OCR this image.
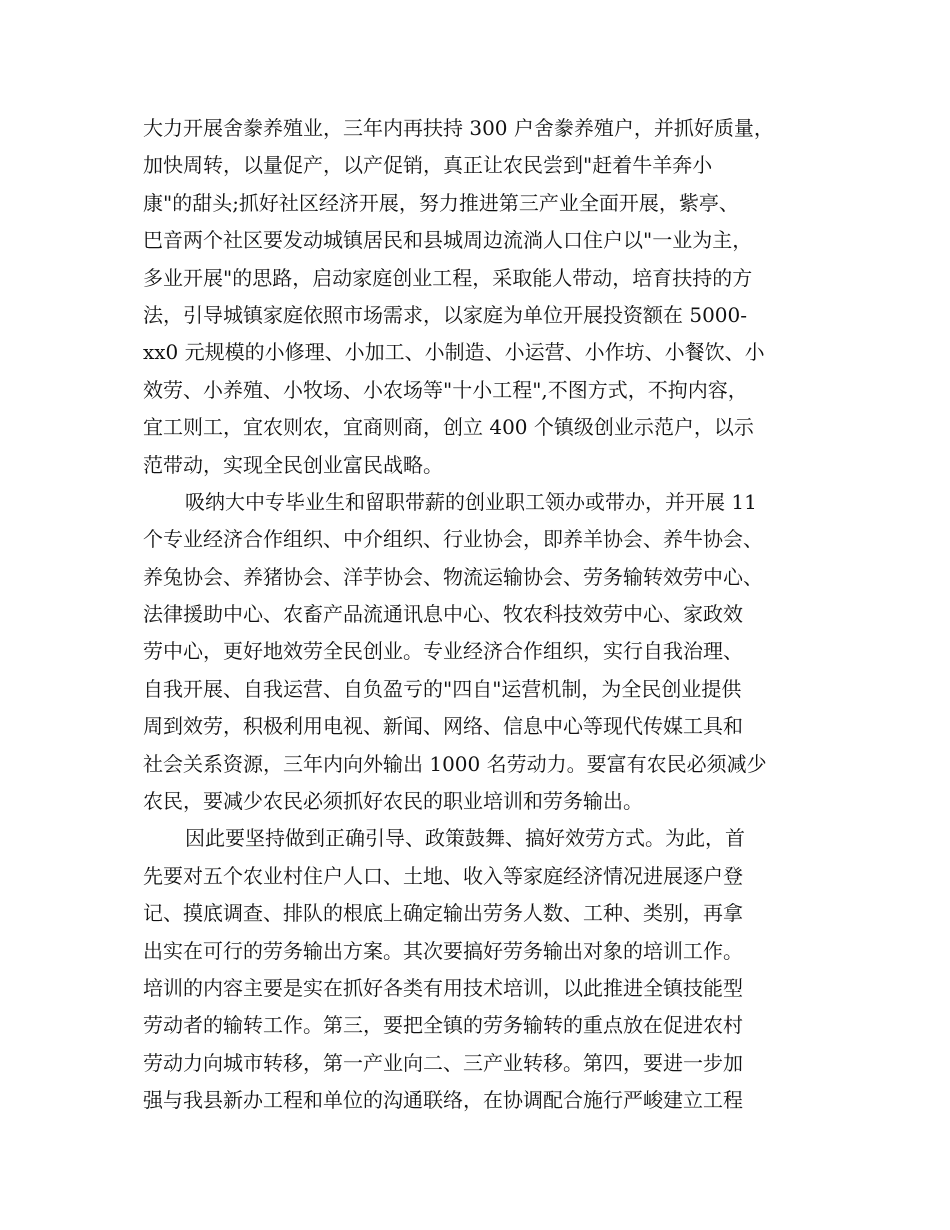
大力开展舍豢养殖业，三年内再扶持 300 户舍豢养殖户，并抓好质量，
加快周转，以量促产，以产促销，真正让农民尝到"赶着牛羊奔小
康"的甜头;抓好社区经济开展，努力推进第三产业全面开展，紫亭、
巴音两个社区要发动城镇居民和县城周边流淌人口住户以"一业为主，
多业开展"的思路，启动家庭创业工程，采取能人带动，培育扶持的方
法，引导城镇家庭依照市场需求，以家庭为单位开展投资额在 5000-
xx0 元规模的小修理、小加工、小制造、小运营、小作坊、小餐饮、小
效劳、小养殖、小牧场、小农场等"十小工程",不图方式，不拘内容，
宜工则工，宜农则农，宜商则商，创立 400 个镇级创业示范户，以示
范带动，实现全民创业富民战略。
吸纳大中专毕业生和留职带薪的创业职工领办或带办，并开展 11
个专业经济合作组织、中介组织、行业协会，即养羊协会、养牛协会、
养兔协会、养猪协会、洋芋协会、物流运输协会、劳务输转效劳中心、
法律援助中心、农畜产品流通讯息中心、牧农科技效劳中心、家政效
劳中心，更好地效劳全民创业。专业经济合作组织，实行自我治理、
自我开展、自我运营、自负盈亏的"四自"运营机制，为全民创业提供
周到效劳，积极利用电视、新闻、网络、信息中心等现代传媒工具和
社会关系资源，三年内向外输出 1000 名劳动力。要富有农民必须减少
农民，要减少农民必须抓好农民的职业培训和劳务输出。
因此要坚持做到正确引导、政策鼓舞、搞好效劳方式。为此，首
先要对五个农业村住户人口、土地、收入等家庭经济情况进展逐户登
记、摸底调查、排队的根底上确定输出劳务人数、工种、类别，再拿
出实在可行的劳务输出方案。其次要搞好劳务输出对象的培训工作。
培训的内容主要是实在抓好各类有用技术培训，以此推进全镇技能型
劳动者的输转工作。第三，要把全镇的劳务输转的重点放在促进农村
劳动力向城市转移，第一产业向二、三产业转移。第四，要进一步加
强与我县新办工程和单位的沟通联络，在协调配合施行严峻建立工程
